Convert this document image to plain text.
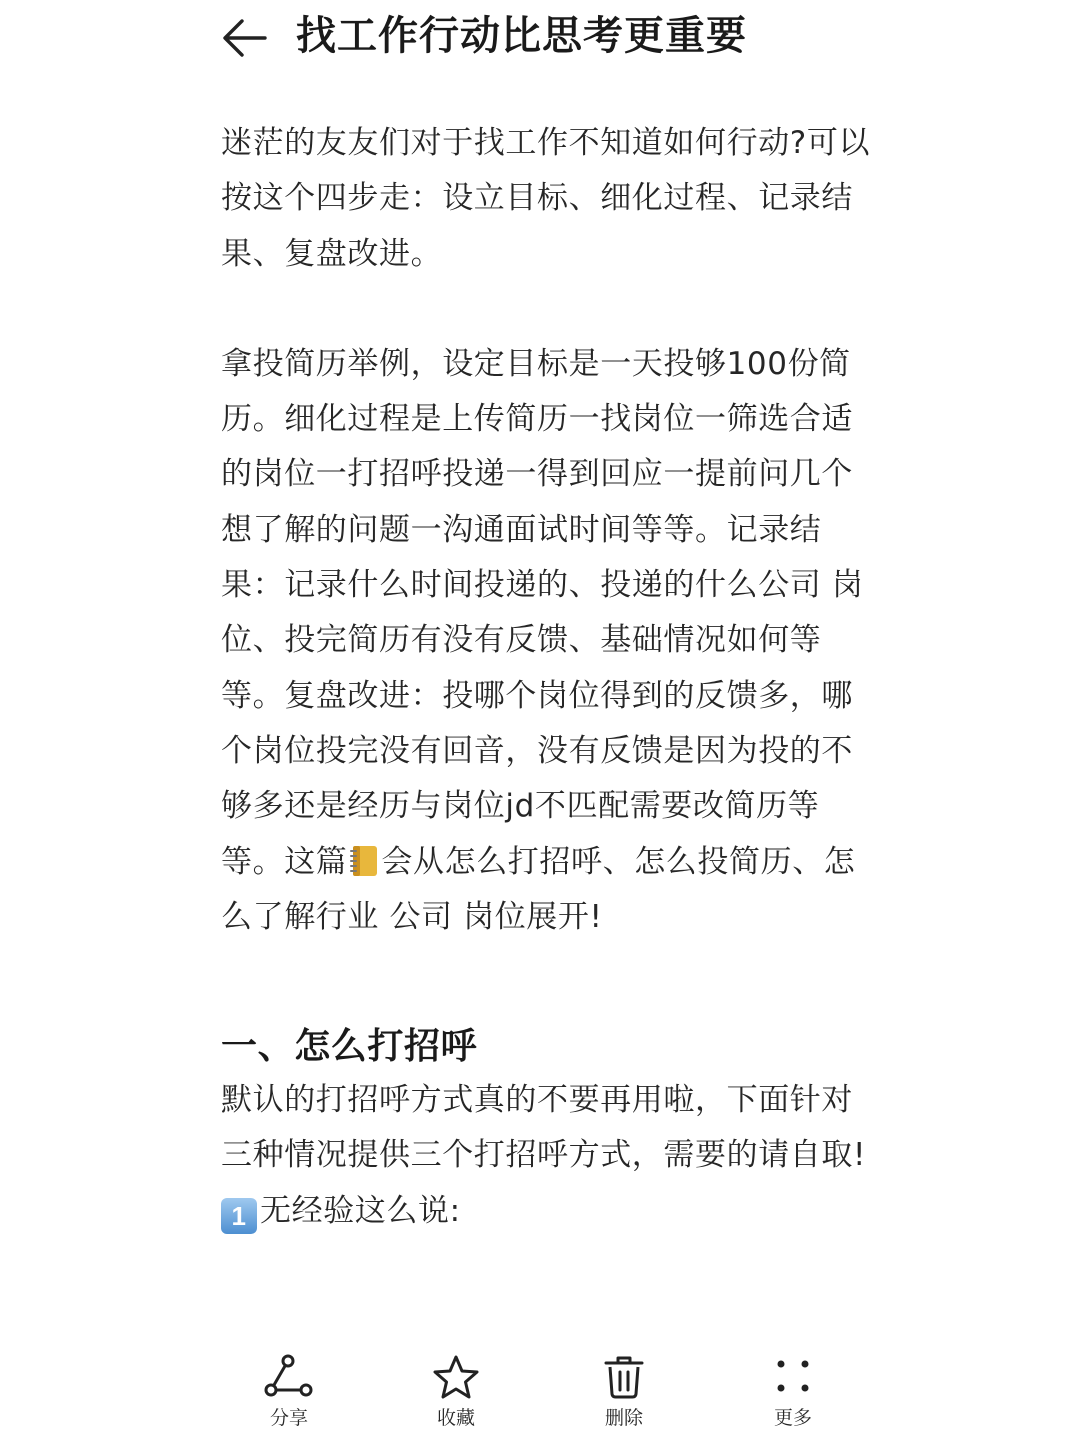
找工作行动比思考更重要

迷茫的友友们对于找工作不知道如何行动?可以按这个四步走：设立目标、细化过程、记录结果、复盘改进。

拿投简历举例，设定目标是一天投够100份简历。细化过程是上传简历一找岗位一筛选合适的岗位一打招呼投递一得到回应一提前问几个想了解的问题一沟通面试时间等等。记录结果：记录什么时间投递的、投递的什么公司 岗位、投完简历有没有反馈、基础情况如何等等。复盘改进：投哪个岗位得到的反馈多，哪个岗位投完没有回音，没有反馈是因为投的不够多还是经历与岗位jd不匹配需要改简历等等。这篇 会从怎么打招呼、怎么投简历、怎么了解行业 公司 岗位展开!

一、怎么打招呼

默认的打招呼方式真的不要再用啦，下面针对三种情况提供三个打招呼方式，需要的请自取!

1 无经验这么说:

分享	收藏	删除	更多
